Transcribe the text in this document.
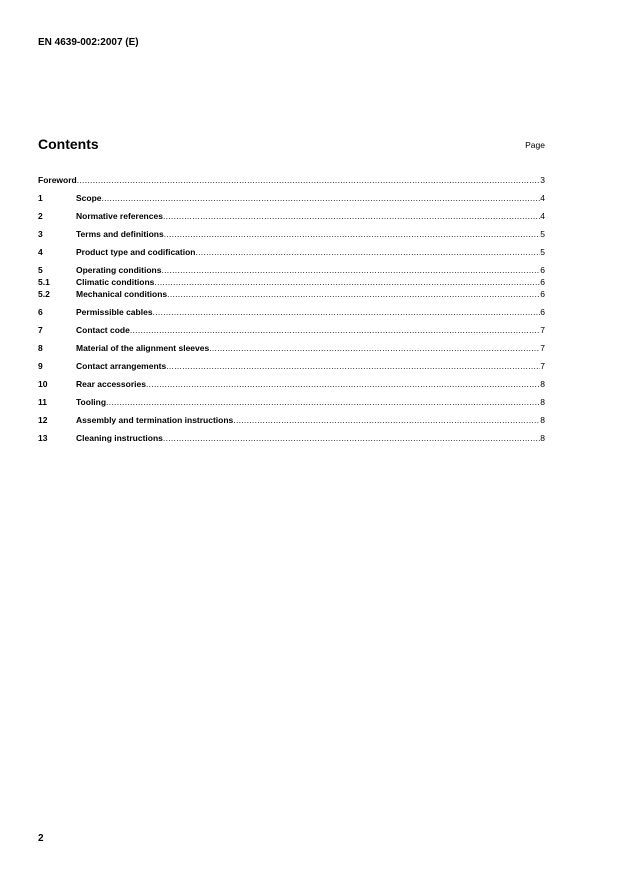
EN 4639-002:2007 (E)
Contents	Page
Foreword .....	3
1	Scope .....	4
2	Normative references .....	4
3	Terms and definitions .....	5
4	Product type and codification .....	5
5	Operating conditions .....	6
5.1	Climatic conditions .....	6
5.2	Mechanical conditions .....	6
6	Permissible cables .....	6
7	Contact code .....	7
8	Material of the alignment sleeves .....	7
9	Contact arrangements .....	7
10	Rear accessories .....	8
11	Tooling .....	8
12	Assembly and termination instructions .....	8
13	Cleaning instructions .....	8
2
